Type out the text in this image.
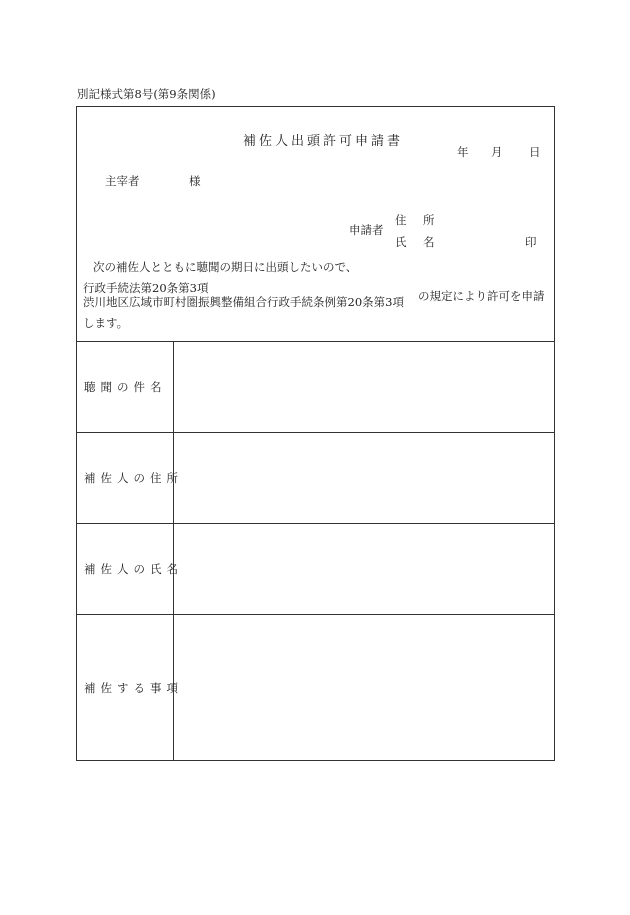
別記様式第8号(第9条関係)
補佐人出頭許可申請書
年 月 日
主宰者	様
申請者
住 所
氏 名	印
次の補佐人とともに聴聞の期日に出頭したいので、
行政手続法第20条第3項
渋川地区広域市町村圏振興整備組合行政手続条例第20条第3項 の規定により許可を申請
します。
聴聞の件名
補佐人の住所
補佐人の氏名
補佐する事項
